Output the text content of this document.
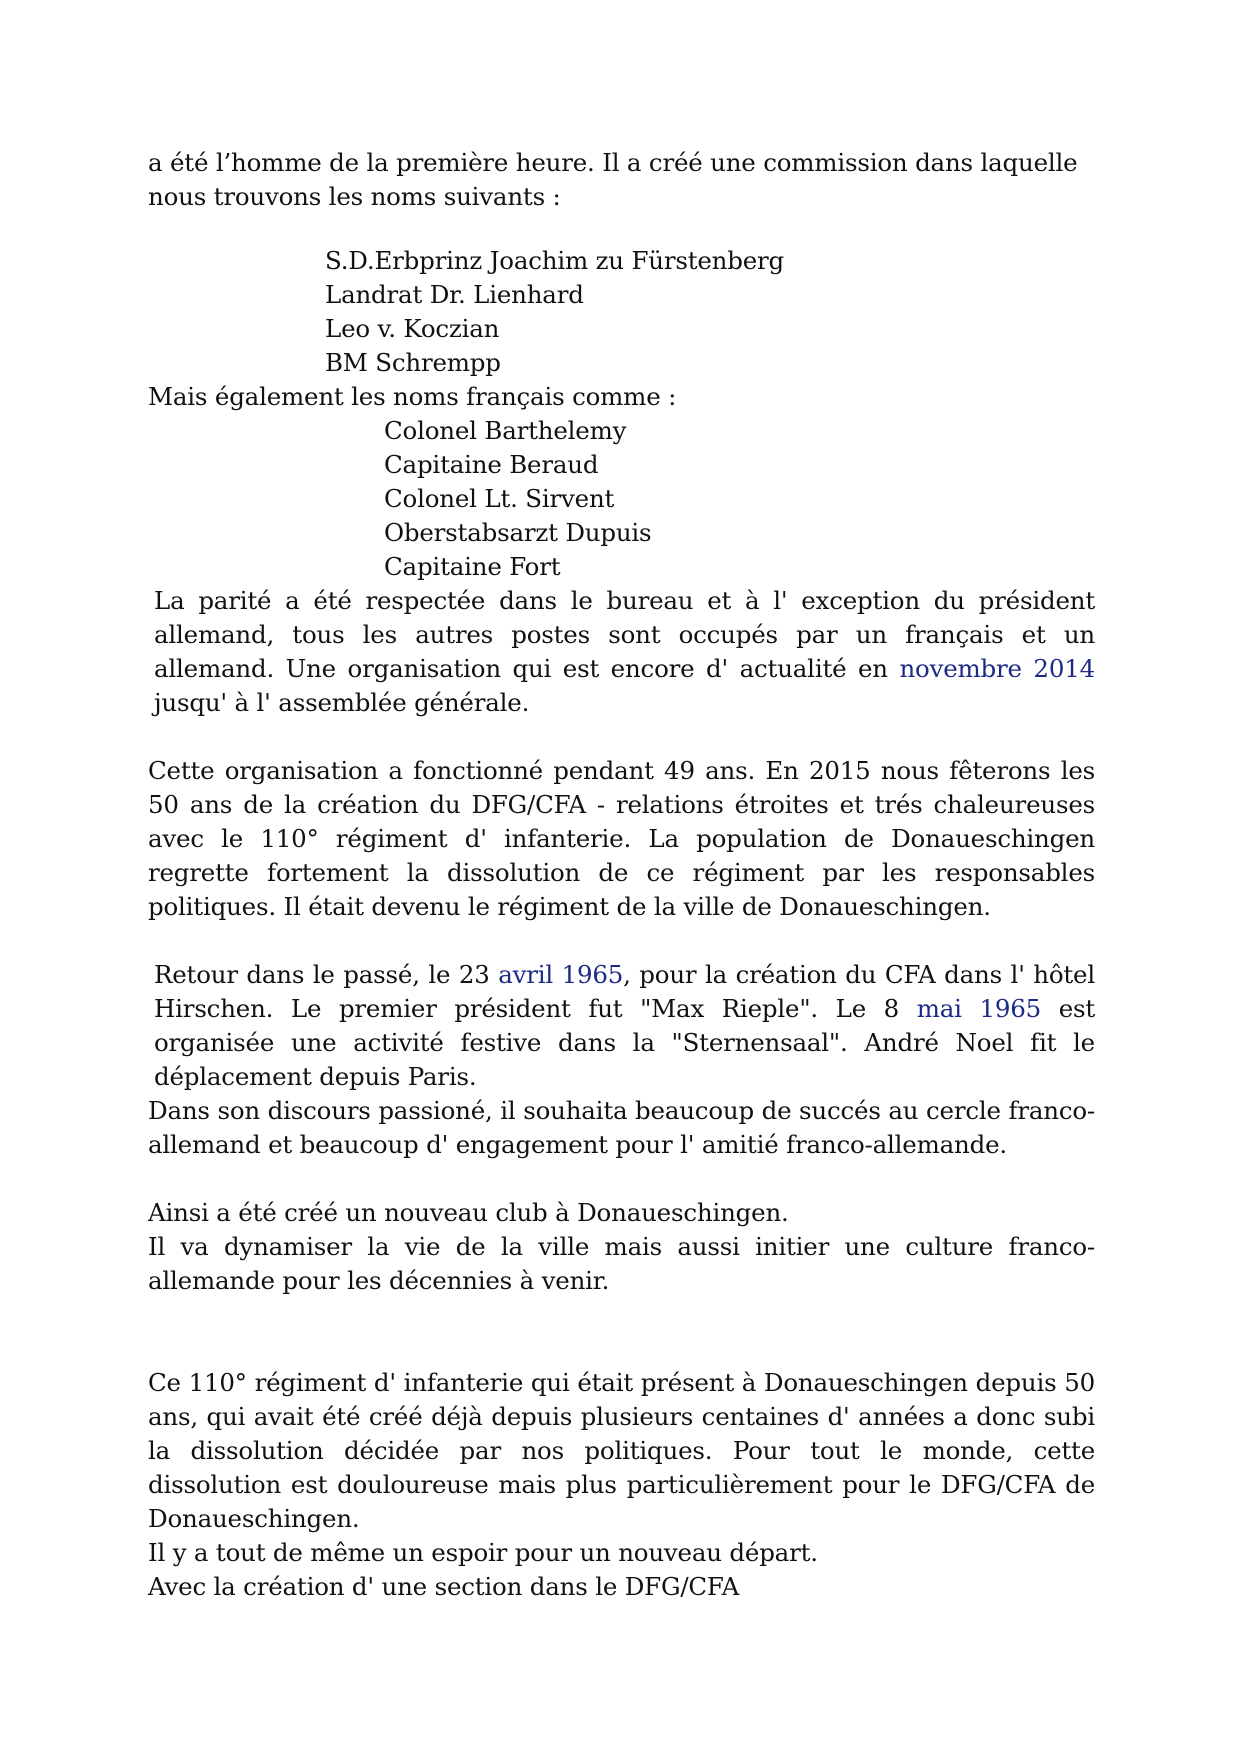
a été l’homme de la première heure. Il a créé une commission dans laquelle

nous trouvons les noms suivants :

S.D.Erbprinz Joachim zu Fürstenberg

Landrat Dr. Lienhard

Leo v. Koczian

BM Schrempp

Mais également les noms français comme :

Colonel Barthelemy

Capitaine Beraud

Colonel Lt. Sirvent

Oberstabsarzt Dupuis

Capitaine Fort

La parité a été respectée dans le bureau et à l' exception du président allemand, tous les autres postes sont occupés par un français et un allemand. Une organisation qui est encore d' actualité en novembre 2014 jusqu' à l' assemblée générale.

Cette organisation a fonctionné pendant 49 ans. En 2015 nous fêterons les 50 ans de la création du DFG/CFA - relations étroites et trés chaleureuses avec le 110° régiment d' infanterie. La population de Donaueschingen regrette fortement la dissolution de ce régiment par les responsables politiques. Il était devenu le régiment de la ville de Donaueschingen.

Retour dans le passé, le 23 avril 1965, pour la création du CFA dans l' hôtel Hirschen. Le premier président fut "Max Rieple". Le 8 mai 1965 est organisée une activité festive dans la "Sternensaal". André Noel fit le déplacement depuis Paris.

Dans son discours passioné, il souhaita beaucoup de succés au cercle franco-allemand et beaucoup d' engagement pour l' amitié franco-allemande.

Ainsi a été créé un nouveau club à Donaueschingen.

Il va dynamiser la vie de la ville mais aussi initier une culture franco-allemande pour les décennies à venir.

Ce 110° régiment d' infanterie qui était présent à Donaueschingen depuis 50 ans, qui avait été créé déjà depuis plusieurs centaines d' années a donc subi la dissolution décidée par nos politiques. Pour tout le monde, cette dissolution est douloureuse mais plus particulièrement pour le DFG/CFA de Donaueschingen.

Il y a tout de même un espoir pour un nouveau départ.

Avec la création d' une section dans le DFG/CFA
